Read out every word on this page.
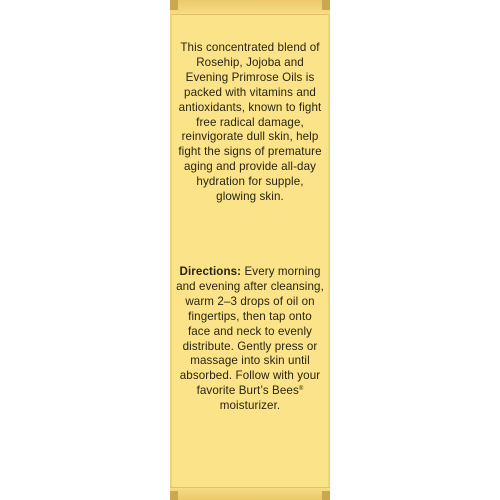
This concentrated blend of Rosehip, Jojoba and Evening Primrose Oils is packed with vitamins and antioxidants, known to fight free radical damage, reinvigorate dull skin, help fight the signs of premature aging and provide all-day hydration for supple, glowing skin.
Directions: Every morning and evening after cleansing, warm 2–3 drops of oil on fingertips, then tap onto face and neck to evenly distribute. Gently press or massage into skin until absorbed. Follow with your favorite Burt’s Bees® moisturizer.
